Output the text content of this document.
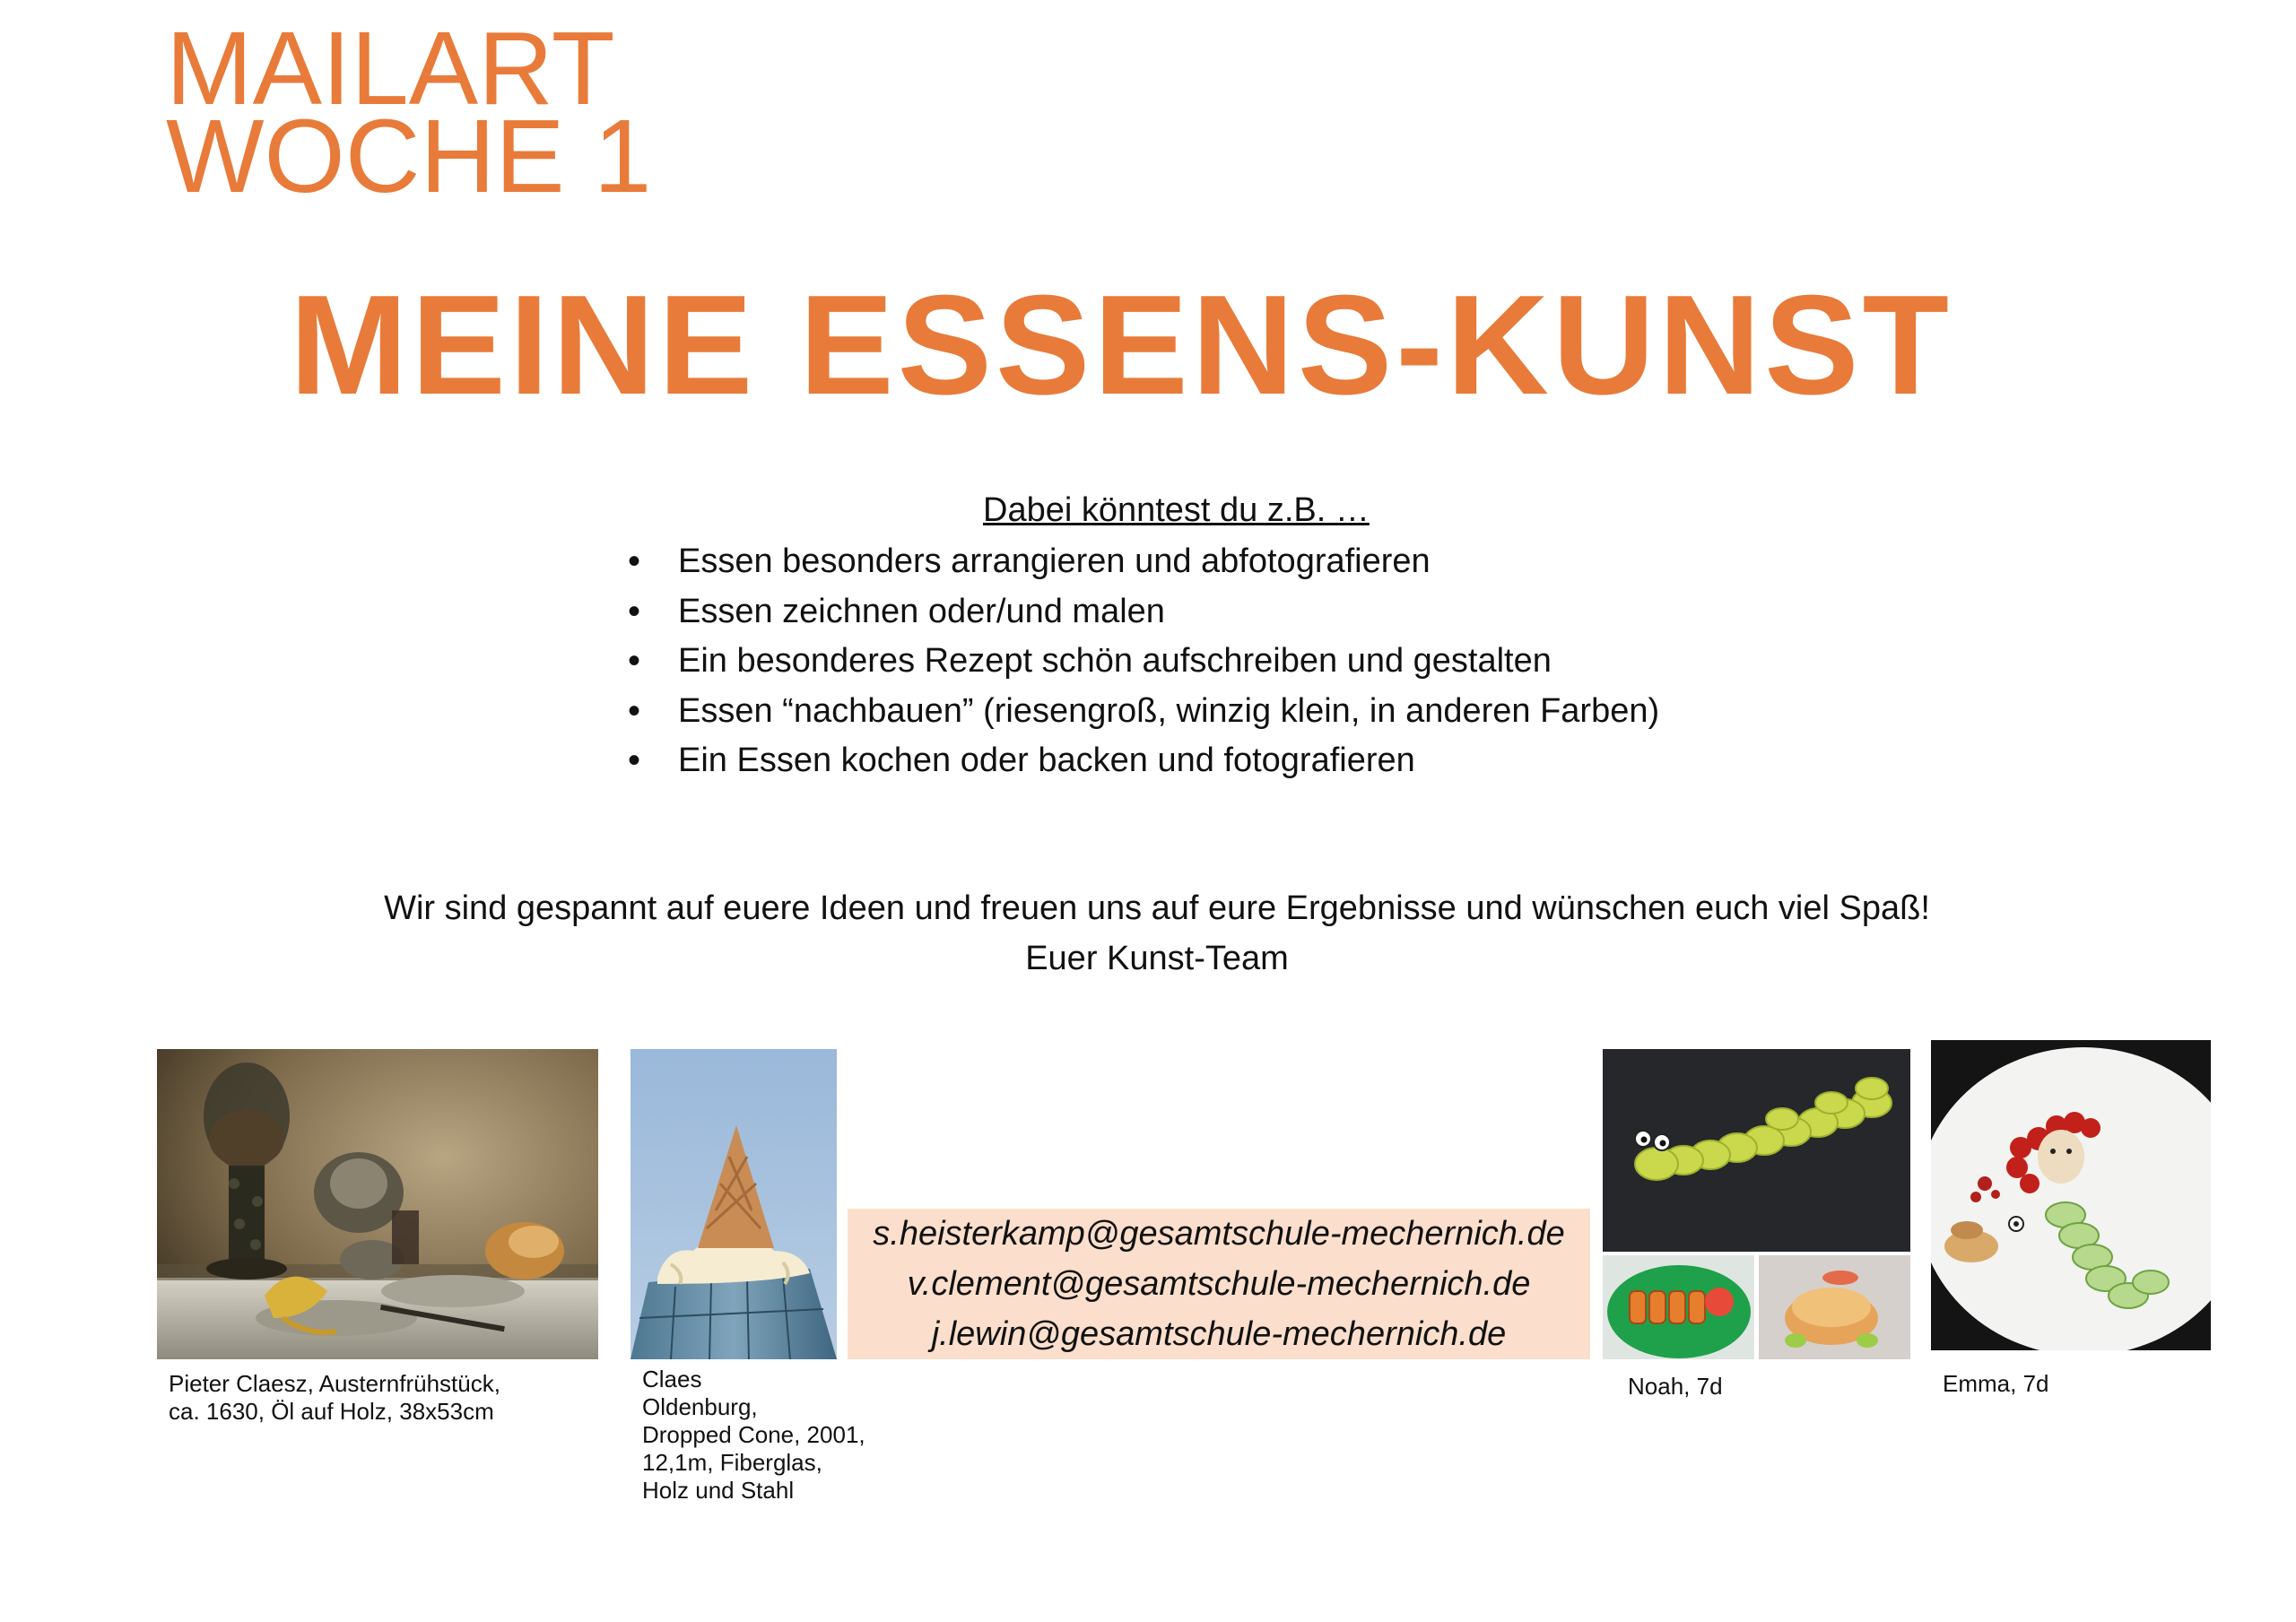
MAILART
WOCHE 1
MEINE ESSENS-KUNST
Dabei könntest du z.B. …
• Essen besonders arrangieren und abfotografieren
• Essen zeichnen oder/und malen
• Ein besonderes Rezept schön aufschreiben und gestalten
• Essen “nachbauen” (riesengroß, winzig klein, in anderen Farben)
• Ein Essen kochen oder backen und fotografieren
Wir sind gespannt auf euere Ideen und freuen uns auf eure Ergebnisse und wünschen euch viel Spaß!
Euer Kunst-Team
Pieter Claesz, Austernfrühstück,
ca. 1630, Öl auf Holz, 38x53cm
Claes
Oldenburg,
Dropped Cone, 2001,
12,1m, Fiberglas,
Holz und Stahl
s.heisterkamp@gesamtschule-mechernich.de
v.clement@gesamtschule-mechernich.de
j.lewin@gesamtschule-mechernich.de
Noah, 7d	Emma, 7d
